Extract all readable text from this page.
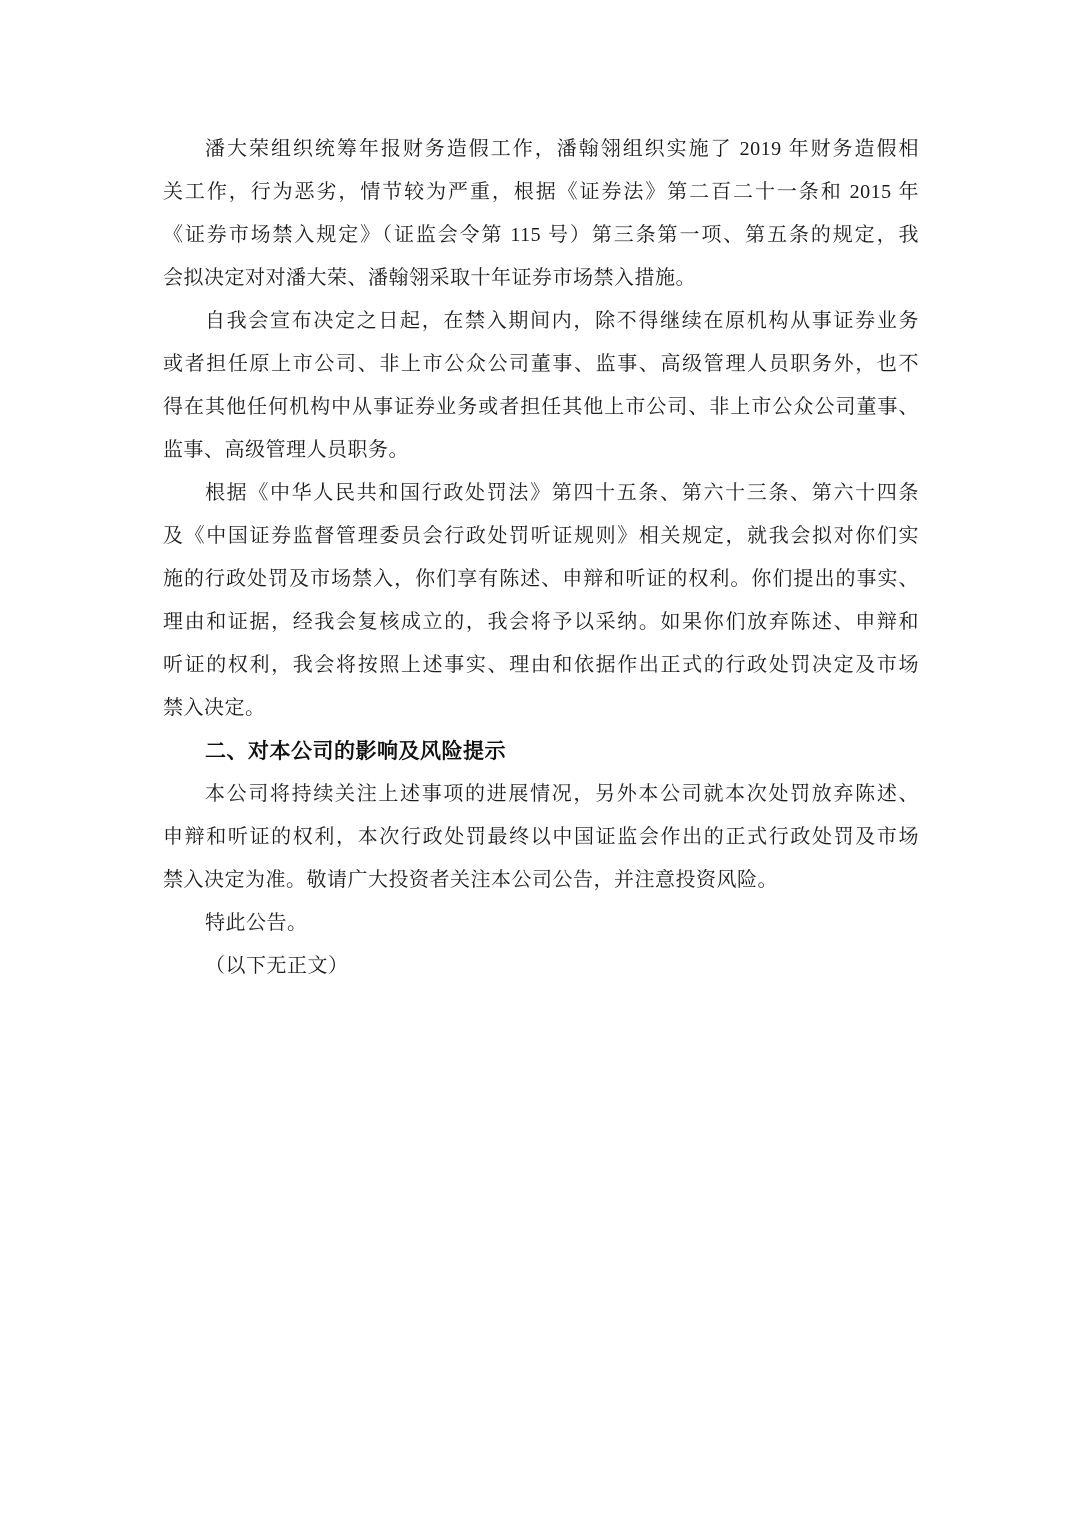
潘大荣组织统筹年报财务造假工作，潘翰翎组织实施了 2019 年财务造假相
关工作，行为恶劣，情节较为严重，根据《证券法》第二百二十一条和 2015 年
《证券市场禁入规定》（证监会令第 115 号）第三条第一项、第五条的规定，我
会拟决定对对潘大荣、潘翰翎采取十年证券市场禁入措施。
自我会宣布决定之日起，在禁入期间内，除不得继续在原机构从事证券业务
或者担任原上市公司、非上市公众公司董事、监事、高级管理人员职务外，也不
得在其他任何机构中从事证券业务或者担任其他上市公司、非上市公众公司董事、
监事、高级管理人员职务。
根据《中华人民共和国行政处罚法》第四十五条、第六十三条、第六十四条
及《中国证券监督管理委员会行政处罚听证规则》相关规定，就我会拟对你们实
施的行政处罚及市场禁入，你们享有陈述、申辩和听证的权利。你们提出的事实、
理由和证据，经我会复核成立的，我会将予以采纳。如果你们放弃陈述、申辩和
听证的权利，我会将按照上述事实、理由和依据作出正式的行政处罚决定及市场
禁入决定。
二、对本公司的影响及风险提示
本公司将持续关注上述事项的进展情况，另外本公司就本次处罚放弃陈述、
申辩和听证的权利，本次行政处罚最终以中国证监会作出的正式行政处罚及市场
禁入决定为准。敬请广大投资者关注本公司公告，并注意投资风险。
特此公告。
（以下无正文）
